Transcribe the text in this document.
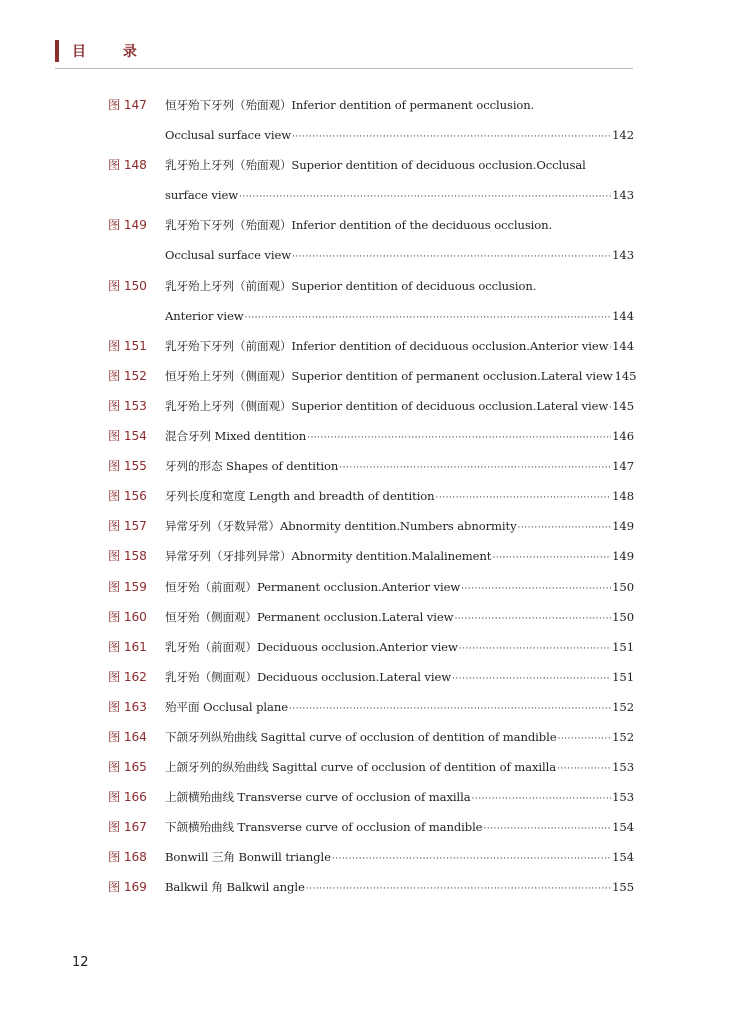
目 录
图 147	恒牙殆下牙列（殆面观）Inferior dentition of permanent occlusion.
Occlusal surface view ·····	142
图 148	乳牙殆上牙列（殆面观）Superior dentition of deciduous occlusion.Occlusal
surface view ·····	143
图 149	乳牙殆下牙列（殆面观）Inferior dentition of the deciduous occlusion.
Occlusal surface view ·····	143
图 150	乳牙殆上牙列（前面观）Superior dentition of deciduous occlusion.
Anterior view ·····	144
图 151	乳牙殆下牙列（前面观）Inferior dentition of deciduous occlusion.Anterior view ····· 144
图 152	恒牙殆上牙列（侧面观）Superior dentition of permanent occlusion.Lateral view 145
图 153	乳牙殆上牙列（侧面观）Superior dentition of deciduous occlusion.Lateral view ····· 145
图 154	混合牙列 Mixed dentition ·····	146
图 155	牙列的形态 Shapes of dentition ·····	147
图 156	牙列长度和宽度 Length and breadth of dentition ·····	148
图 157	异常牙列（牙数异常）Abnormity dentition.Numbers abnormity ·····	149
图 158	异常牙列（牙排列异常）Abnormity dentition.Malalinement ·····	149
图 159	恒牙殆（前面观）Permanent occlusion.Anterior view ·····	150
图 160	恒牙殆（侧面观）Permanent occlusion.Lateral view ·····	150
图 161	乳牙殆（前面观）Deciduous occlusion.Anterior view ·····	151
图 162	乳牙殆（侧面观）Deciduous occlusion.Lateral view ·····	151
图 163	殆平面 Occlusal plane ·····	152
图 164	下颌牙列纵殆曲线 Sagittal curve of occlusion of dentition of mandible ·····	152
图 165	上颌牙列的纵殆曲线 Sagittal curve of occlusion of dentition of maxilla ·····	153
图 166	上颌横殆曲线 Transverse curve of occlusion of maxilla ·····	153
图 167	下颌横殆曲线 Transverse curve of occlusion of mandible ·····	154
图 168	Bonwill 三角 Bonwill triangle ·····	154
图 169	Balkwil 角 Balkwil angle ·····	155
12
